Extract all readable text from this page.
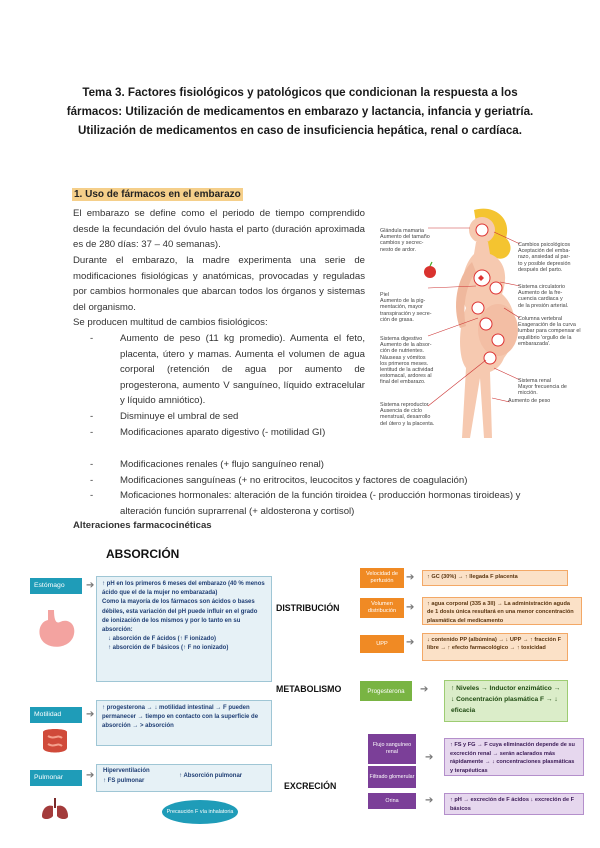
Tema 3. Factores fisiológicos y patológicos que condicionan la respuesta a los fármacos: Utilización de medicamentos en embarazo y lactancia, infancia y geriatría. Utilización de medicamentos en caso de insuficiencia hepática, renal o cardíaca.
1. Uso de fármacos en el embarazo
El embarazo se define como el periodo de tiempo comprendido desde la fecundación del óvulo hasta el parto (duración aproximada es de 280 días: 37 – 40 semanas).
Durante el embarazo, la madre experimenta una serie de modificaciones fisiológicas y anatómicas, provocadas y reguladas por cambios hormonales que abarcan todos los órganos y sistemas del organismo.
Se producen multitud de cambios fisiológicos:
- Aumento de peso (11 kg promedio). Aumenta el feto, placenta, útero y mamas. Aumenta el volumen de agua corporal (retención de agua por aumento de progesterona, aumento V sanguíneo, líquido extracelular y líquido amniótico).
- Disminuye el umbral de sed
- Modificaciones aparato digestivo (- motilidad GI)
- Modificaciones renales (+ flujo sanguíneo renal)
- Modificaciones sanguíneas (+ no eritrocitos, leucocitos y factores de coagulación)
- Moficaciones hormonales: alteración de la función tiroidea (- producción hormonas tiroideas) y alteración función suprarrenal (+ aldosterona y cortisol)
Glándula mamaria
Aumento del tamaño
cambios y secrec-
nesto de ardor.
Piel
Aumento de la pig-
mentación, mayor
transpiración y secre-
ción de grasa.
Sistema digestivo
Aumento de la absor-
ción de nutrientes.
Náuseas y vómitos
los primeros meses.
lentitud de la actividad
estomacal, ardores al
final del embarazo.
Sistema reproductor
Ausencia de ciclo
menstrual, desarrollo
del útero y la placenta.
Cambios psicológicos
Aceptación del emba-
razo, ansiedad al par-
to y posible depresión
después del parto.
Sistema circulatorio
Aumento de la fre-
cuencia cardiaca y
de la presión arterial.
Columna vertebral
Exageración de la curva
lumbar para compensar el
equilibrio 'orgullo de la
embarazada'.
Sistema renal
Mayor frecuencia de
micción.
Aumento de peso
Alteraciones farmacocinéticas
ABSORCIÓN
Estómago	➔ ↑ pH en los primeros 6 meses del embarazo (40 % menos ácido que el de la mujer no embarazada)
Como la mayoría de los fármacos son ácidos o bases débiles, esta variación del pH puede influir en el grado de ionización de los mismos y por lo tanto en su absorción:
↓ absorción de F ácidos (↑ F ionizado)
↑ absorción de F básicos (↑ F no ionizado)
Motilidad	➔
↑ progesterona → ↓ motilidad intestinal → F pueden permanecer → tiempo en contacto con la superficie de absorción → > absorción
Pulmonar	➔ Hiperventilación
↑ FS pulmonar
↑ Absorción pulmonar
Precaución F vía inhalatoria
DISTRIBUCIÓN
Velocidad de perfusión	➔	↑ GC (30%) → ↑ llegada F placenta
Volumen distribución ➔	↑ agua corporal (335 a 3ll) → La administración aguda de 1 dosis única resultará en una menor concentración plasmática del medicamento
UPP	➔	↓ contenido PP (albúmina) → ↓ UPP → ↑ fracción F libre → ↑ efecto farmacológico → ↑ toxicidad
METABOLISMO	Progesterona	➔	↑ Niveles → Inductor enzimático → ↓ Concentración plasmática F → ↓ eficacia
EXCRECIÓN
Flujo sanguíneo renal
Filtrado glomerular
➔
↑ FS y FG → F cuya eliminación depende de su excreción renal → serán aclarados más rápidamente → ↓ concentraciones plasmáticas y terapéuticas
Orina	➔	↑ pH → excreción de F ácidos ↓ excreción de F básicos
